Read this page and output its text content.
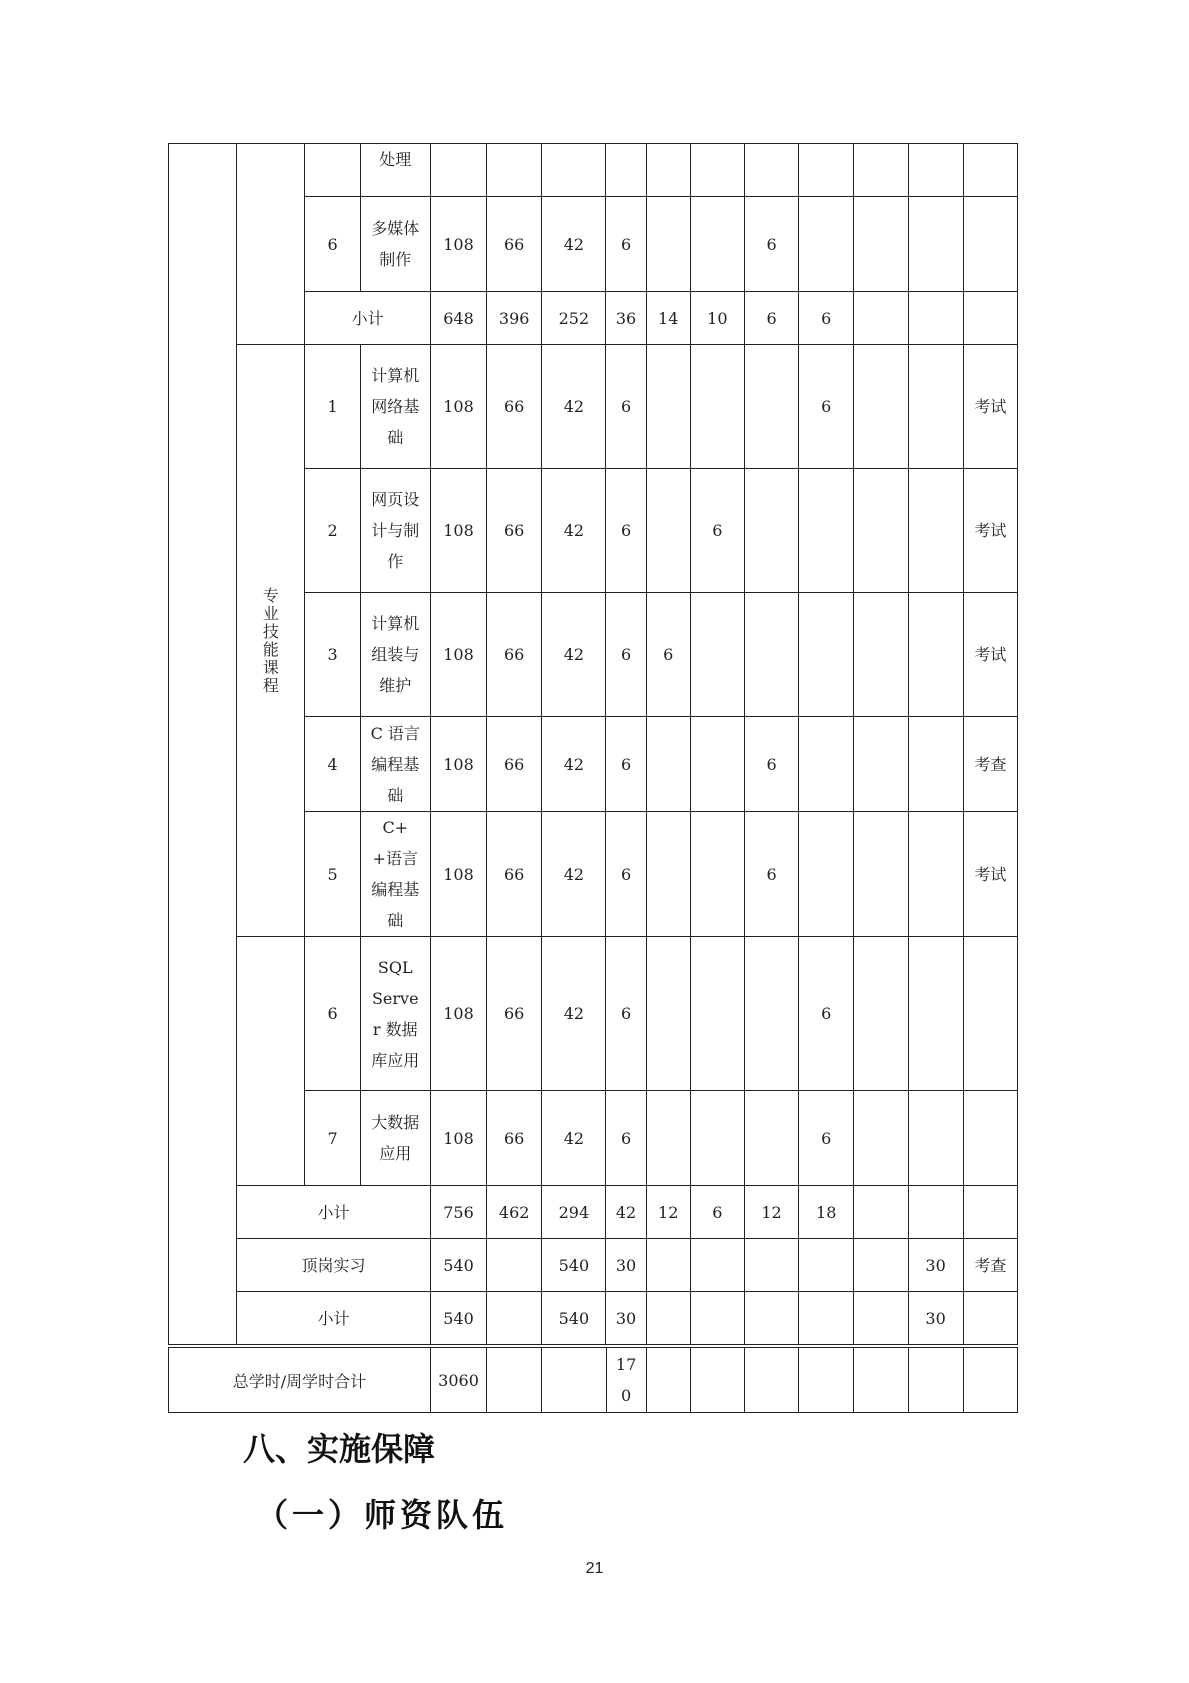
			处理											
		6	多媒体制作	108	66	42	6			6				
		小计		648	396	252	36	14	10	6	6			
	专业技能课程	1	计算机网络基础	108	66	42	6				6			考试
		2	网页设计与制作	108	66	42	6		6					考试
		3	计算机组装与维护	108	66	42	6	6						考试
		4	C 语言编程基础	108	66	42	6			6				考查
		5	C++语言编程基础	108	66	42	6			6				考试
		6	SQL Server 数据库应用	108	66	42	6				6			
		7	大数据应用	108	66	42	6				6			
	小计			756	462	294	42	12	6	12	18			
	顶岗实习			540		540	30						30	考查
	小计			540		540	30						30	
总学时/周学时合计	3060			170							
八、实施保障
（一）师资队伍
21
